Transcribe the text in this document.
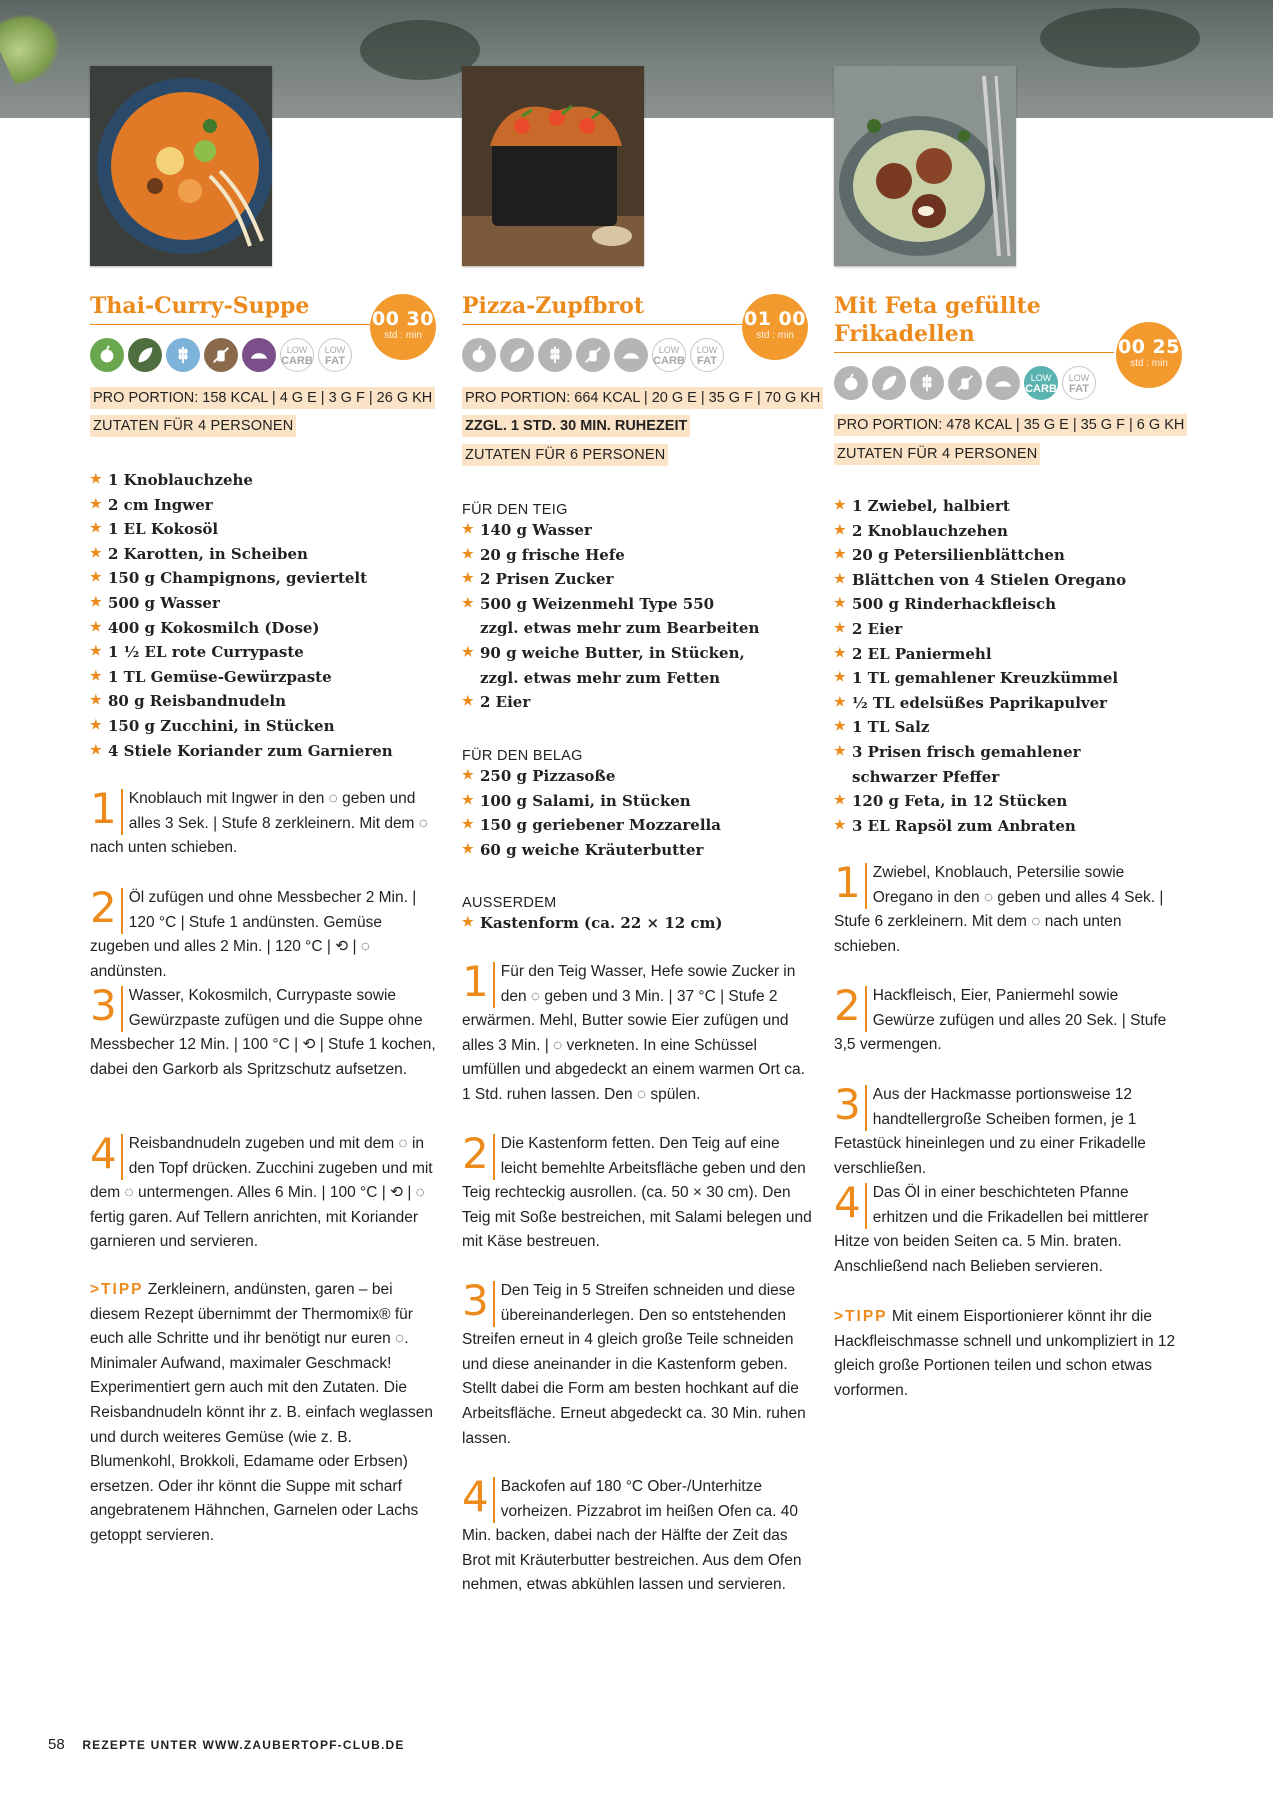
Thai-Curry-Suppe	00 30
std : min
LOW
CARB
LOW
FAT
PRO PORTION: 158 KCAL | 4 G E | 3 G F | 26 G KH
ZUTATEN FÜR 4 PERSONEN
★ 1 Knoblauchzehe
★ 2 cm Ingwer
★ 1 EL Kokosöl
★ 2 Karotten, in Scheiben
★ 150 g Champignons, geviertelt
★ 500 g Wasser
★ 400 g Kokosmilch (Dose)
★ 1 ½ EL rote Currypaste
★ 1 TL Gemüse-Gewürzpaste
★ 80 g Reisbandnudeln
★ 150 g Zucchini, in Stücken
★ 4 Stiele Koriander zum Garnieren
1 Knoblauch mit Ingwer in den ◌ geben und alles 3 Sek. | Stufe 8 zerkleinern. Mit dem ◌ nach unten schieben.
2 Öl zufügen und ohne Messbecher 2 Min. | 120 °C | Stufe 1 andünsten. Gemüse zugeben und alles 2 Min. | 120 °C | ⟲ | ◌ andünsten.
3 Wasser, Kokosmilch, Currypaste sowie Gewürzpaste zufügen und die Suppe ohne Messbecher 12 Min. | 100 °C | ⟲ | Stufe 1 kochen, dabei den Garkorb als Spritzschutz aufsetzen.
4 Reisbandnudeln zugeben und mit dem ◌ in den Topf drücken. Zucchini zugeben und mit dem ◌ untermengen. Alles 6 Min. | 100 °C | ⟲ | ◌ fertig garen. Auf Tellern anrichten, mit Koriander garnieren und servieren.
>TIPP Zerkleinern, andünsten, garen – bei diesem Rezept übernimmt der Thermomix® für euch alle Schritte und ihr benötigt nur euren ◌. Minimaler Aufwand, maximaler Geschmack! Experimentiert gern auch mit den Zutaten. Die Reisbandnudeln könnt ihr z. B. einfach weglassen und durch weiteres Gemüse (wie z. B. Blumenkohl, Brokkoli, Edamame oder Erbsen) ersetzen. Oder ihr könnt die Suppe mit scharf angebratenem Hähnchen, Garnelen oder Lachs getoppt servieren.
Pizza-Zupfbrot	01 00
std : min
LOW
CARB
LOW
FAT
PRO PORTION: 664 KCAL | 20 G E | 35 G F | 70 G KH
ZZGL. 1 STD. 30 MIN. RUHEZEIT
ZUTATEN FÜR 6 PERSONEN
FÜR DEN TEIG
★ 140 g Wasser
★ 20 g frische Hefe
★ 2 Prisen Zucker
★ 500 g Weizenmehl Type 550
zzgl. etwas mehr zum Bearbeiten
★ 90 g weiche Butter, in Stücken,
zzgl. etwas mehr zum Fetten
★ 2 Eier
FÜR DEN BELAG
★ 250 g Pizzasoße
★ 100 g Salami, in Stücken
★ 150 g geriebener Mozzarella
★ 60 g weiche Kräuterbutter
AUSSERDEM
★ Kastenform (ca. 22 × 12 cm)
1 Für den Teig Wasser, Hefe sowie Zucker in den ◌ geben und 3 Min. | 37 °C | Stufe 2 erwärmen. Mehl, Butter sowie Eier zufügen und alles 3 Min. | ◌ verkneten. In eine Schüssel umfüllen und abgedeckt an einem warmen Ort ca. 1 Std. ruhen lassen. Den ◌ spülen.
2 Die Kastenform fetten. Den Teig auf eine leicht bemehlte Arbeitsfläche geben und den Teig rechteckig ausrollen. (ca. 50 × 30 cm). Den Teig mit Soße bestreichen, mit Salami belegen und mit Käse bestreuen.
3 Den Teig in 5 Streifen schneiden und diese übereinanderlegen. Den so entstehenden Streifen erneut in 4 gleich große Teile schneiden und diese aneinander in die Kastenform geben. Stellt dabei die Form am besten hochkant auf die Arbeitsfläche. Erneut abgedeckt ca. 30 Min. ruhen lassen.
4 Backofen auf 180 °C Ober-/Unterhitze vorheizen. Pizzabrot im heißen Ofen ca. 40 Min. backen, dabei nach der Hälfte der Zeit das Brot mit Kräuterbutter bestreichen. Aus dem Ofen nehmen, etwas abkühlen lassen und servieren.
Mit Feta gefüllte
Frikadellen	00 25
std : min
LOW
CARB
LOW
FAT
PRO PORTION: 478 KCAL | 35 G E | 35 G F | 6 G KH
ZUTATEN FÜR 4 PERSONEN
★ 1 Zwiebel, halbiert
★ 2 Knoblauchzehen
★ 20 g Petersilienblättchen
★ Blättchen von 4 Stielen Oregano
★ 500 g Rinderhackfleisch
★ 2 Eier
★ 2 EL Paniermehl
★ 1 TL gemahlener Kreuzkümmel
★ ½ TL edelsüßes Paprikapulver
★ 1 TL Salz
★ 3 Prisen frisch gemahlener
schwarzer Pfeffer
★ 120 g Feta, in 12 Stücken
★ 3 EL Rapsöl zum Anbraten
1 Zwiebel, Knoblauch, Petersilie sowie Oregano in den ◌ geben und alles 4 Sek. | Stufe 6 zerkleinern. Mit dem ◌ nach unten schieben.
2 Hackfleisch, Eier, Paniermehl sowie Gewürze zufügen und alles 20 Sek. | Stufe 3,5 vermengen.
3 Aus der Hackmasse portionsweise 12 handtellergroße Scheiben formen, je 1 Fetastück hineinlegen und zu einer Frikadelle verschließen.
4 Das Öl in einer beschichteten Pfanne erhitzen und die Frikadellen bei mittlerer Hitze von beiden Seiten ca. 5 Min. braten. Anschließend nach Belieben servieren.
>TIPP Mit einem Eisportionierer könnt ihr die Hackfleischmasse schnell und unkompliziert in 12 gleich große Portionen teilen und schon etwas vorformen.
58 REZEPTE UNTER WWW.ZAUBERTOPF-CLUB.DE
